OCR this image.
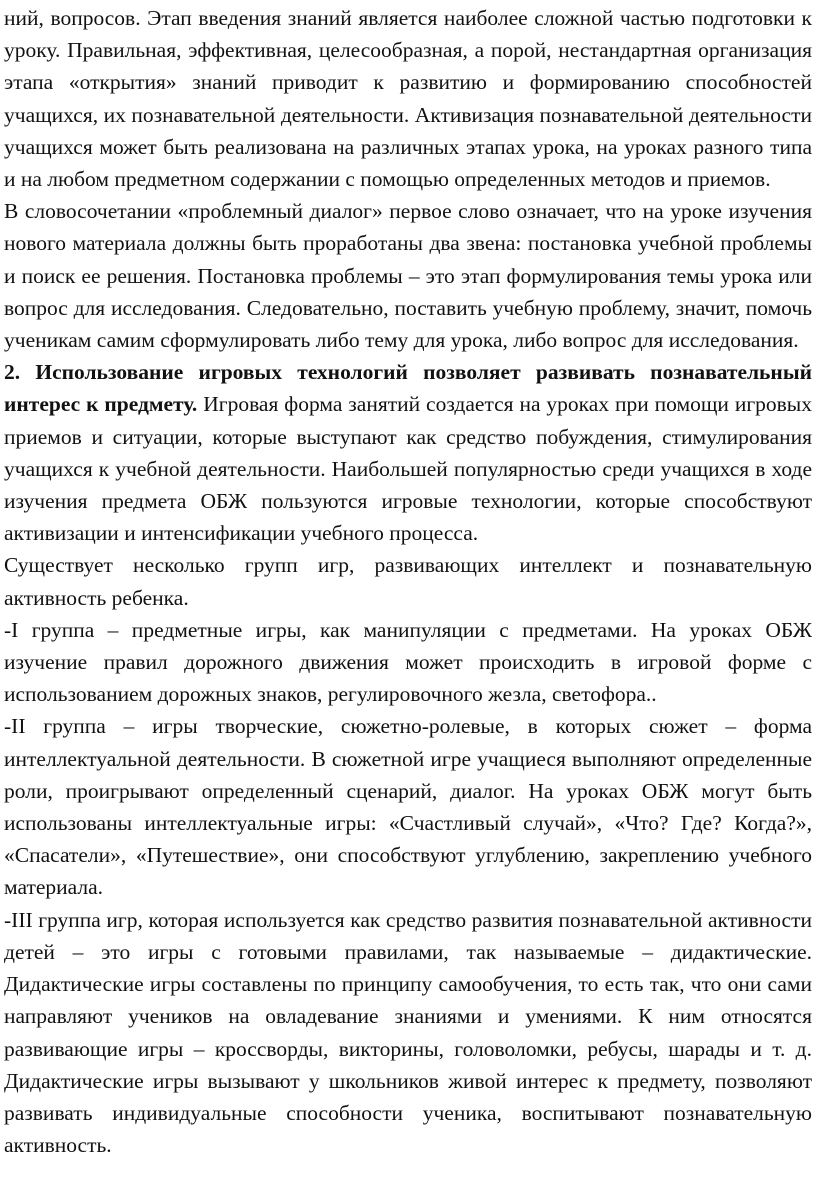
ний, вопросов. Этап введения знаний является наиболее сложной частью подготовки к уроку. Правильная, эффективная, целесообразная, а порой, нестандартная организация этапа «открытия» знаний приводит к развитию и формированию способностей учащихся, их познавательной деятельности. Активизация познавательной деятельности учащихся может быть реализована на различных этапах урока, на уроках разного типа и на любом предметном содержании с помощью определенных методов и приемов.

В словосочетании «проблемный диалог» первое слово означает, что на уроке изучения нового материала должны быть проработаны два звена: постановка учебной проблемы и поиск ее решения. Постановка проблемы – это этап формулирования темы урока или вопрос для исследования. Следовательно, поставить учебную проблему, значит, помочь ученикам самим сформулировать либо тему для урока, либо вопрос для исследования.

2. Использование игровых технологий позволяет развивать познавательный интерес к предмету. Игровая форма занятий создается на уроках при помощи игровых приемов и ситуации, которые выступают как средство побуждения, стимулирования учащихся к учебной деятельности. Наибольшей популярностью среди учащихся в ходе изучения предмета ОБЖ пользуются игровые технологии, которые способствуют активизации и интенсификации учебного процесса.

Существует несколько групп игр, развивающих интеллект и познавательную активность ребенка.

-I группа – предметные игры, как манипуляции с предметами. На уроках ОБЖ изучение правил дорожного движения может происходить в игровой форме с использованием дорожных знаков, регулировочного жезла, светофора..

-II группа – игры творческие, сюжетно-ролевые, в которых сюжет – форма интеллектуальной деятельности. В сюжетной игре учащиеся выполняют определенные роли, проигрывают определенный сценарий, диалог. На уроках ОБЖ могут быть использованы интеллектуальные игры: «Счастливый случай», «Что? Где? Когда?», «Спасатели», «Путешествие», они способствуют углублению, закреплению учебного материала.

-III группа игр, которая используется как средство развития познавательной активности детей – это игры с готовыми правилами, так называемые – дидактические. Дидактические игры составлены по принципу самообучения, то есть так, что они сами направляют учеников на овладевание знаниями и умениями. К ним относятся развивающие игры – кроссворды, викторины, головоломки, ребусы, шарады и т. д. Дидактические игры вызывают у школьников живой интерес к предмету, позволяют развивать индивидуальные способности ученика, воспитывают познавательную активность.
